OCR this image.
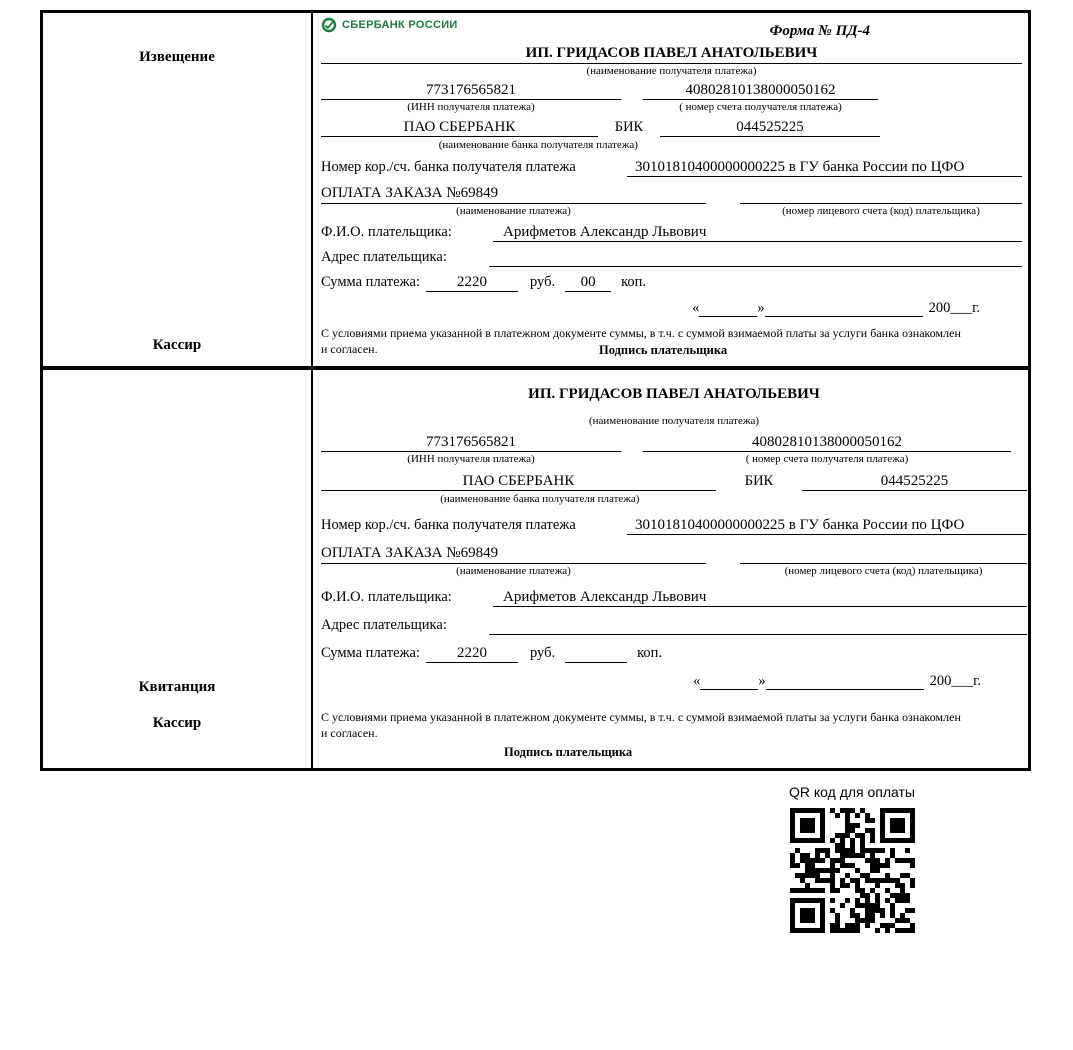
Извещение
Кассир
СБЕРБАНК РОССИИ	Форма № ПД-4
ИП. ГРИДАСОВ ПАВЕЛ АНАТОЛЬЕВИЧ
(наименование получателя платежа)
773176565821	40802810138000050162
(ИНН получателя платежа)	( номер счета получателя платежа)
ПАО СБЕРБАНК	БИК	044525225
(наименование банка получателя платежа)
Номер кор./сч. банка получателя платежа	30101810400000000225 в ГУ банка России по ЦФО
ОПЛАТА ЗАКАЗА №69849
(наименование платежа)	(номер лицевого счета (код) плательщика)
Ф.И.О. плательщика:	Арифметов Александр Львович
Адрес плательщика:
Сумма платежа:	2220	руб.	00	коп.
«	»	200___г.
С условиями приема указанной в платежном документе суммы, в т.ч. с суммой взимаемой платы за услуги банка ознакомлен и согласен.	Подпись плательщика
Квитанция
Кассир
ИП. ГРИДАСОВ ПАВЕЛ АНАТОЛЬЕВИЧ
(наименование получателя платежа)
773176565821	40802810138000050162
(ИНН получателя платежа)	( номер счета получателя платежа)
ПАО СБЕРБАНК	БИК	044525225
(наименование банка получателя платежа)
Номер кор./сч. банка получателя платежа	30101810400000000225 в ГУ банка России по ЦФО
ОПЛАТА ЗАКАЗА №69849
(наименование платежа)	(номер лицевого счета (код) плательщика)
Ф.И.О. плательщика:	Арифметов Александр Львович
Адрес плательщика:
Сумма платежа:	2220	руб.	коп.
«	»	200___г.
С условиями приема указанной в платежном документе суммы, в т.ч. с суммой взимаемой платы за услуги банка ознакомлен и согласен.
Подпись плательщика
QR код для оплаты
